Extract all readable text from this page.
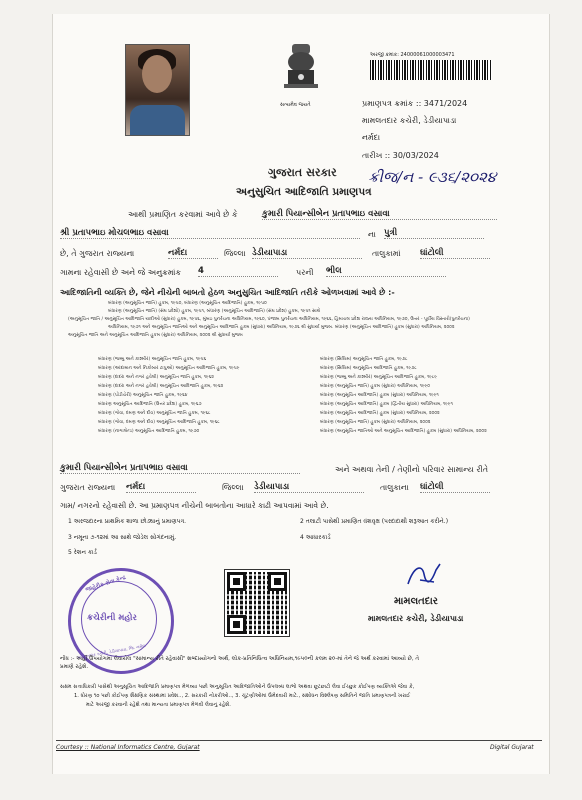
સત્યમેવ જયતે
અરજી ક્રમાંક: 24000061000003471
પ્રમાણપત્ર ક્રમાંક :: 3471/2024
મામલતદાર કચેરી, ડેડીયાપાડા
નર્મદા
તારીખ :: 30/03/2024
ક્રીજ/ન - ૯૩૬/૨૦૨૪
ગુજરાત સરકાર
અનુસુચિત આદિજાતિ પ્રમાણપત્ર
આથી પ્રમાણિત કરવામાં આવે છે કે	કુમારી પિયાન્સીબેન પ્રતાપભાઇ વસાવા
શ્રી પ્રતાપભાઇ મોચલભાઇ વસાવા	ના પુત્રી
છે, તે ગુજરાત રાજ્યના	નર્મદા	જિલ્લા ડેડીયાપાડા	તાલુકામાં ઘાંટોલી
ગામના રહેવાસી છે અને જે અનુક્રમાંક 4	પરની ભીલ
આદિજાતિની વ્યક્તિ છે, જેને નીચેની બાબતો હેઠળ અનુસુચિત આદિજાતિ તરીકે ઓળખવામાં આવે છે :-
બંધારણ (અનુસૂચિત જાતિ) હુકમ, ૧૯૫૦, બંધારણ (અનુસૂચિત આદિજાતિ) હુકમ, ૧૯૫૦
બંધારણ (અનુસૂચિત જાતિ) (સંઘ પ્રદેશો) હુકમ, ૧૯૫૧, બંધારણ (અનુસૂચિત આદિજાતિ) (સંઘ પ્રદેશ) હુકમ, ૧૯૫૧ સાથે
(અનુસૂચિત જાતિ / અનુસૂચિત આદિજાતિ યાદીઓ (સુધારા) હુકમ, ૧૯૫૬, મુંબઇ પુનર્રચના અધિનિયમ, ૧૯૬૦, પંજાબ પુનર્રચના અધિનિયમ, ૧૯૬૬, હિમાચલ પ્રદેશ રાજ્ય અધિનિયમ, ૧૯૭૦, ઉત્તર - પૂર્વીય વિસ્તારો(પુનર્રચના)
અધિનિયમ, ૧૯૭૧ અને અનુસૂચિત જાતિઓ અને અનુસૂચિત આદિજાતિ હુકમ (સુધારા) અધિનિયમ, ૧૯૭૬ થી સુધાર્યા મુજબ. બંધારણ (અનુસૂચિત આદિજાતિ) હુકમ (સુધારા) અધિનિયમ, ૨૦૦૨
અનુસૂચિત જાતિ અને અનુસૂચિત આદિજાતિ હુકમ (સુધારા) અધિનિયમ, ૨૦૦૨ થી સુધાર્યા મુજબ
બંધારણ (જમ્મુ અને કાશ્મીર) અનુસૂચિત જાતિ હુકમ, ૧૯૫૬
બંધારણ (આંદામાન અને નિકોબાર ટાપુઓ) અનુસૂચિત આદિજાતિ હુકમ, ૧૯૫૯
બંધારણ (દાદરા અને નગર હવેલી) અનુસૂચિત જાતિ હુકમ, ૧૯૬૨
બંધારણ (દાદરા અને નગર હવેલી) અનુસૂચિત આદિજાતિ હુકમ, ૧૯૬૨
બંધારણ (પોંડીચેરી) અનુસૂચિત જાતિ હુકમ, ૧૯૬૪
બંધારણ અનુસૂચિત આદિજાતિ (ઉત્તર પ્રદેશ) હુકમ, ૧૯૬૭
બંધારણ (ગોવા, દમણ અને દીવ) અનુસૂચિત જાતિ હુકમ, ૧૯૬૮
બંધારણ (ગોવા, દમણ અને દીવ) અનુસૂચિત આદિજાતિ હુકમ, ૧૯૬૮
બંધારણ (નાગાલેન્ડ) અનુસૂચિત આદિજાતિ હુકમ, ૧૯૭૦
બંધારણ (સિક્કિમ) અનુસૂચિત જાતિ હુકમ, ૧૯૭૮
બંધારણ (સિક્કિમ) અનુસૂચિત આદિજાતિ હુકમ, ૧૯૭૮
બંધારણ (જમ્મુ અને કાશ્મીર) અનુસૂચિત આદિજાતિ હુકમ, ૧૯૮૯
બંધારણ (અનુસૂચિત જાતિ) હુકમ (સુધારા) અધિનિયમ, ૧૯૯૦
બંધારણ (અનુસૂચિત આદિજાતિ) હુકમ (સુધારા) અધિનિયમ, ૧૯૯૧
બંધારણ (અનુસૂચિત આદિજાતિ) હુકમ (દ્વિતીય સુધારા) અધિનિયમ, ૧૯૯૧
બંધારણ (અનુસૂચિત આદિજાતિ) હુકમ (સુધારા) અધિનિયમ, ૨૦૦૨
બંધારણ (અનુસૂચિત જાતિ) હુકમ (સુધારા) અધિનિયમ, ૨૦૦૨
બંધારણ (અનુસૂચિત જાતિઓ અને અનુસૂચિત આદિજાતિ) હુકમ (સુધારા) અધિનિયમ, ૨૦૦૨
કુમારી પિયાન્સીબેન પ્રતાપભાઇ વસાવા	અને અથવા તેની / તેણીનો પરિવાર સામાન્ય રીતે
ગુજરાત રાજ્યના નર્મદા	જિલ્લા ડેડીયાપાડા	તાલુકાના ઘાંટોલી
ગામ/ નગરનો રહેવાસી છે. આ પ્રમાણપત્ર નીચેની બાબતોના આધારે કાઢી આપવામાં આવે છે.
1 અરજદારના પ્રાથમિક શાળા છોડ્યાનું પ્રમાણપત્ર.	2 તલાટી પાસેથી પ્રમાણિત વંશવૃક્ષ (પરદાદાથી શરૂઆત કરીને.)
3 નમૂના ૭-૧૨માં આ સાથે જોડેલ સોગંદનામું.	4 આધારકાર્ડ
5 રેશન કાર્ડ
જાહેરીક સેવા કેન્દ્ર
ક્રચેરીની મહોર
મામલતદાર કચેરી, ડેડીયાપાડા, જિ. નર્મદા
મામલતદાર
મામલતદાર કચેરી, ડેડીયાપાડા
નોંધ :- અહીં ઉપયોગમાં લેવાયેલ "સામાન્ય રીતે રહેવાસી" શબ્દપ્રયોગનો અર્થ, લોક-પ્રતિનિધિત્વ અધિનિયમ,૧૯૫૦ની કલમ ૨૦-માં તેને જે અર્થ કરવામાં આવ્યો છે, તે
પ્રમાણે રહેશે.
સક્ષમ સત્તાધિકારી પાસેથી અનુસૂચિત આદિજાતિ પ્રમાણપત્ર મેળવ્યા પછી અનુસૂચિત આદિજાતિઓને ઉપલબ્ધ લાભો અથવા છૂટછાટો લેવા ઈચ્છુક કોઈપણ વ્યક્તિએ જેવા કે,
1. ધોરણ ૧૦ પછી કોઈપણ શૈક્ષણિક સંસ્થામાં પ્રવેશ.., 2. સરકારી નોકરીઓ.., 3. ચૂંટણીઓમાં ઉમેદવારી માટે., સંશોધન વિશ્લેષણ સમિતિને જાતિ પ્રમાણપત્રની ખરાઈ
માટે અરજી કરવાની રહેશે તથા માન્યતા પ્રમાણપત્ર મેળવી લેવાનું રહેશે.
Courtesy :: National Informatics Centre, Gujarat	Digital Gujarat
